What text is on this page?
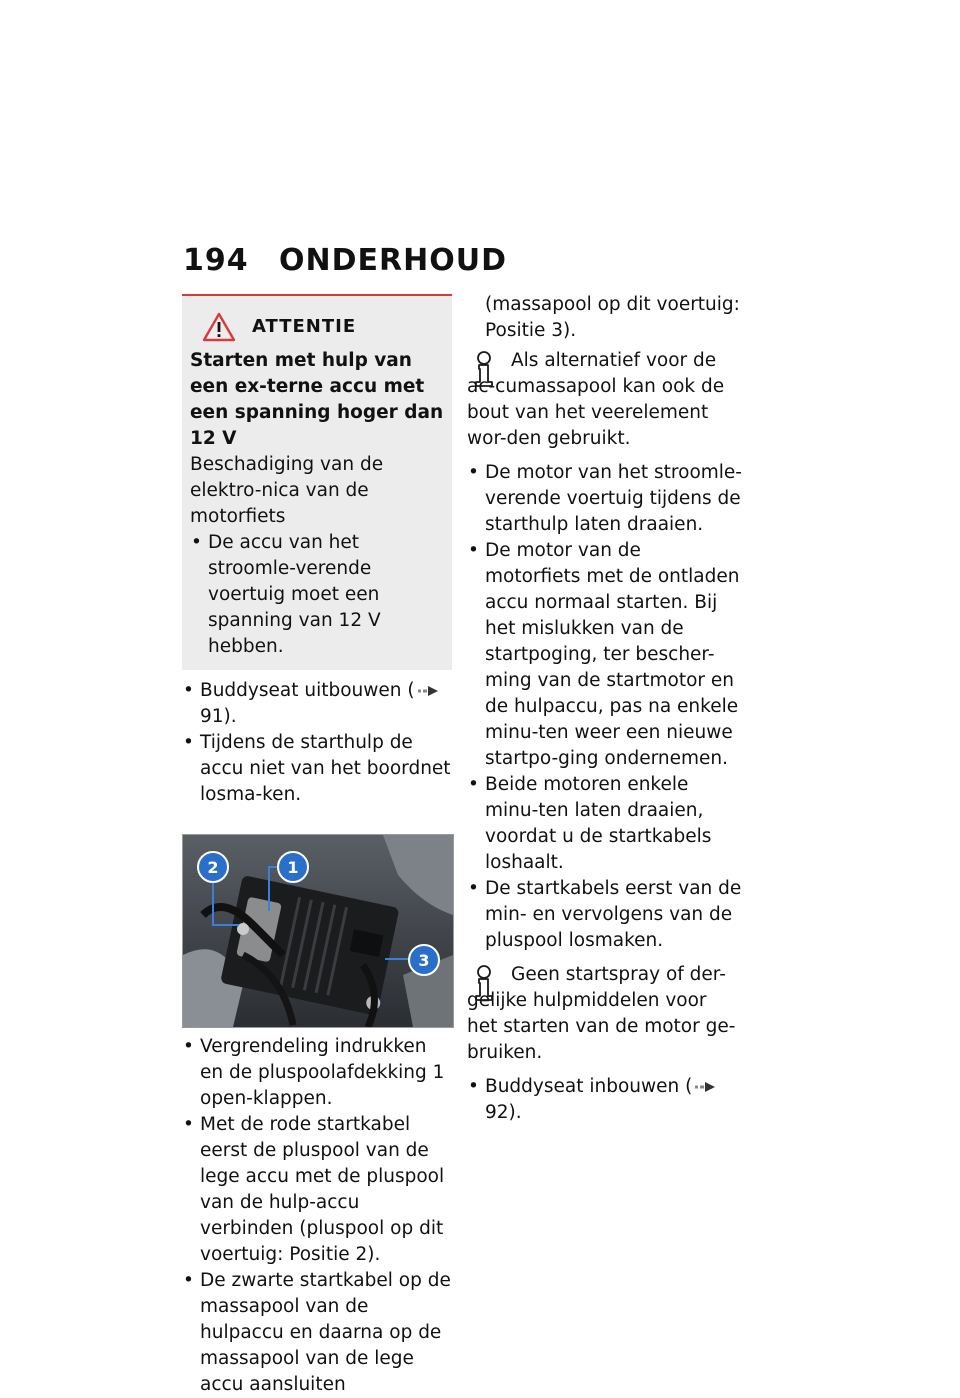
194 ONDERHOUD
ATTENTIE
Starten met hulp van een ex-terne accu met een spanning hoger dan 12 V
Beschadiging van de elektro-nica van de motorfiets
• De accu van het stroomle-verende voertuig moet een spanning van 12 V hebben.
• Buddyseat uitbouwen ( 91).
• Tijdens de starthulp de accu niet van het boordnet losma-ken.
2	1
3
• Vergrendeling indrukken en de pluspoolafdekking 1 open-klappen.
• Met de rode startkabel eerst de pluspool van de lege accu met de pluspool van de hulp-accu verbinden (pluspool op dit voertuig: Positie 2).
• De zwarte startkabel op de massapool van de hulpaccu en daarna op de massapool van de lege accu aansluiten
(massapool op dit voertuig: Positie 3).

Als alternatief voor de ac-cumassapool kan ook de bout van het veerelement wor-den gebruikt.

• De motor van het stroomle-verende voertuig tijdens de starthulp laten draaien.
• De motor van de motorfiets met de ontladen accu normaal starten. Bij het mislukken van de startpoging, ter bescher-ming van de startmotor en de hulpaccu, pas na enkele minu-ten weer een nieuwe startpo-ging ondernemen.
• Beide motoren enkele minu-ten laten draaien, voordat u de startkabels loshaalt.
• De startkabels eerst van de min- en vervolgens van de pluspool losmaken.

Geen startspray of der-gelijke hulpmiddelen voor het starten van de motor ge-bruiken.

• Buddyseat inbouwen ( 92).
